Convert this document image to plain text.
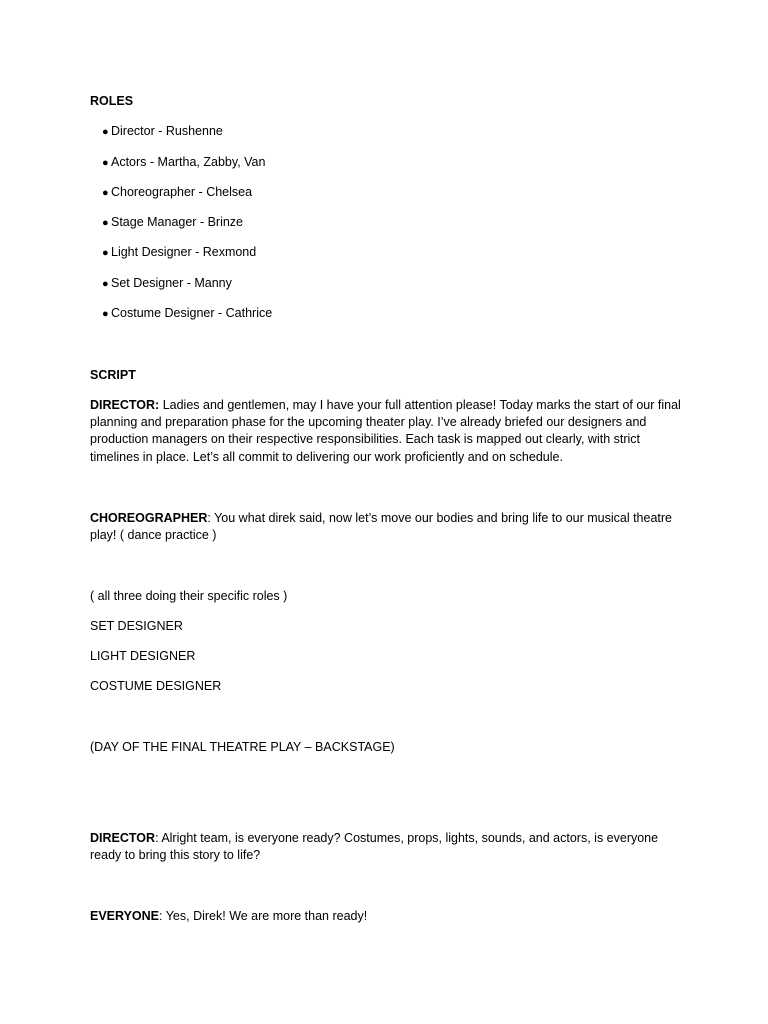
ROLES
● Director - Rushenne
● Actors - Martha, Zabby, Van
● Choreographer - Chelsea
● Stage Manager - Brinze
● Light Designer - Rexmond
● Set Designer - Manny
● Costume Designer - Cathrice
SCRIPT
DIRECTOR: Ladies and gentlemen, may I have your full attention please! Today marks the start of our final planning and preparation phase for the upcoming theater play. I’ve already briefed our designers and production managers on their respective responsibilities. Each task is mapped out clearly, with strict timelines in place. Let’s all commit to delivering our work proficiently and on schedule.
CHOREOGRAPHER: You what direk said, now let’s move our bodies and bring life to our musical theatre play! ( dance practice )
( all three doing their specific roles )
SET DESIGNER
LIGHT DESIGNER
COSTUME DESIGNER
(DAY OF THE FINAL THEATRE PLAY – BACKSTAGE)
DIRECTOR: Alright team, is everyone ready? Costumes, props, lights, sounds, and actors, is everyone ready to bring this story to life?
EVERYONE: Yes, Direk! We are more than ready!
